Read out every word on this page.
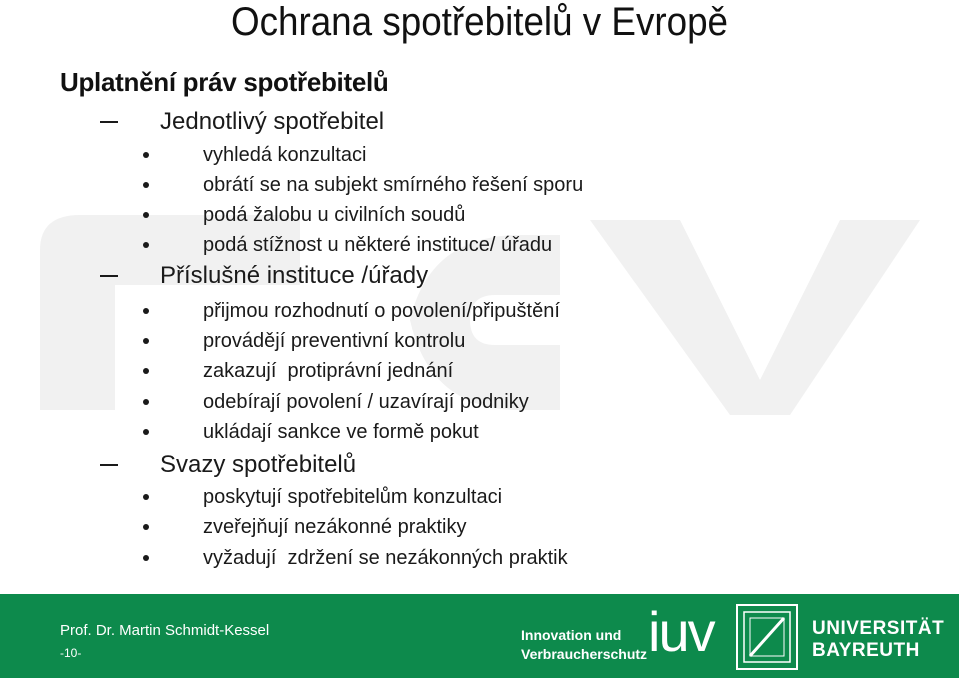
Ochrana spotřebitelů v Evropě
Uplatnění práv spotřebitelů
Jednotlivý spotřebitel
vyhledá konzultaci
obrátí se na subjekt smírného řešení sporu
podá žalobu u civilních soudů
podá stížnost u některé instituce/ úřadu
Příslušné instituce /úřady
přijmou rozhodnutí o povolení/připuštění
provádějí preventivní kontrolu
zakazují  protiprávní jednání
odebírají povolení / uzavírají podniky
ukládají sankce ve formě pokut
Svazy spotřebitelů
poskytují spotřebitelům konzultaci
zveřejňují nezákonné praktiky
vyžadují  zdržení se nezákonných praktik
Prof. Dr. Martin Schmidt-Kessel
-10-
Innovation und
Verbraucherschutz iuv	UNIVERSITÄT
BAYREUTH
